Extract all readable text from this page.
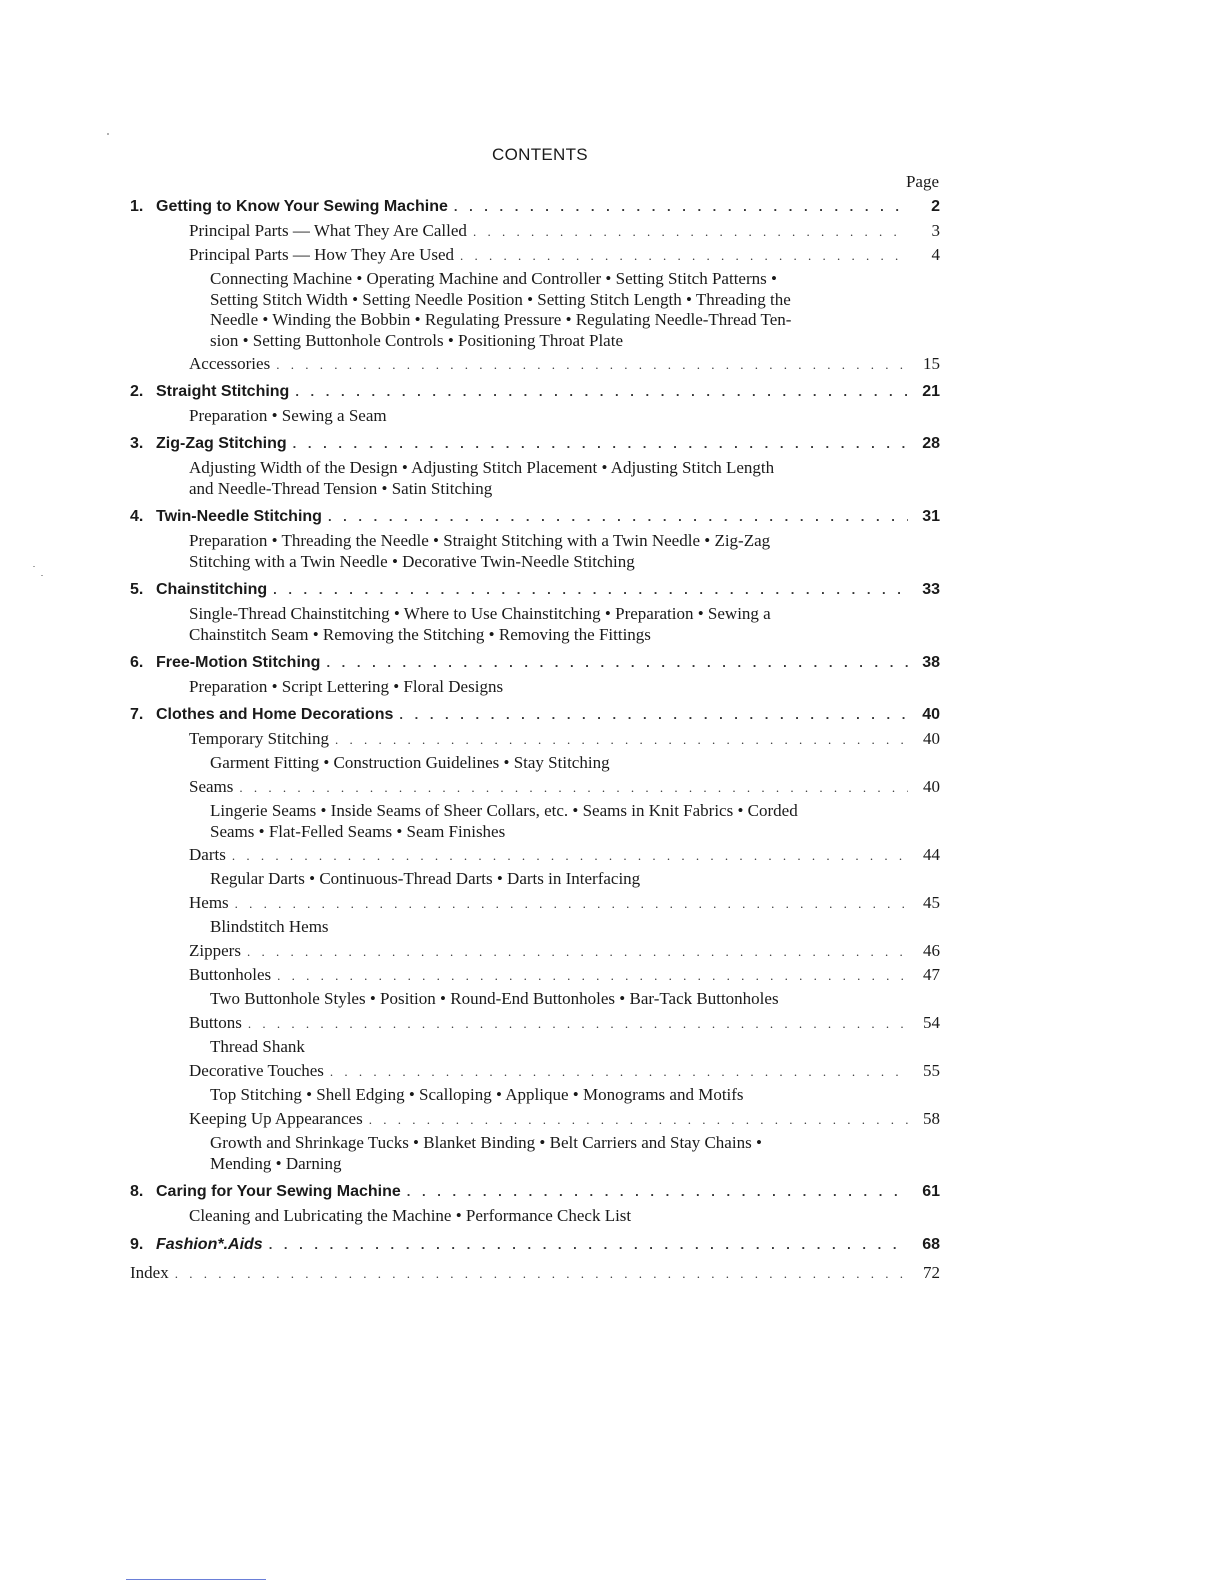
CONTENTS
Page
1. Getting to Know Your Sewing Machine . . .	2
Principal Parts — What They Are Called . . .	3
Principal Parts — How They Are Used . . .	4
Connecting Machine • Operating Machine and Controller • Setting Stitch Patterns •
Setting Stitch Width • Setting Needle Position • Setting Stitch Length • Threading the
Needle • Winding the Bobbin • Regulating Pressure • Regulating Needle-Thread Ten-
sion • Setting Buttonhole Controls • Positioning Throat Plate
Accessories . . .	15
2. Straight Stitching . . .	21
Preparation • Sewing a Seam
3. Zig-Zag Stitching . . .	28
Adjusting Width of the Design • Adjusting Stitch Placement • Adjusting Stitch Length
and Needle-Thread Tension • Satin Stitching
4. Twin-Needle Stitching . . .	31
Preparation • Threading the Needle • Straight Stitching with a Twin Needle • Zig-Zag
Stitching with a Twin Needle • Decorative Twin-Needle Stitching
5. Chainstitching . . .	33
Single-Thread Chainstitching • Where to Use Chainstitching • Preparation • Sewing a
Chainstitch Seam • Removing the Stitching • Removing the Fittings
6. Free-Motion Stitching . . .	38
Preparation • Script Lettering • Floral Designs
7. Clothes and Home Decorations . . .	40
Temporary Stitching . . .	40
Garment Fitting • Construction Guidelines • Stay Stitching
Seams . . .	40
Lingerie Seams • Inside Seams of Sheer Collars, etc. • Seams in Knit Fabrics • Corded
Seams • Flat-Felled Seams • Seam Finishes
Darts . . .	44
Regular Darts • Continuous-Thread Darts • Darts in Interfacing
Hems . . .	45
Blindstitch Hems
Zippers . . .	46
Buttonholes . . .	47
Two Buttonhole Styles • Position • Round-End Buttonholes • Bar-Tack Buttonholes
Buttons . . .	54
Thread Shank
Decorative Touches . . .	55
Top Stitching • Shell Edging • Scalloping • Applique • Monograms and Motifs
Keeping Up Appearances . . .	58
Growth and Shrinkage Tucks • Blanket Binding • Belt Carriers and Stay Chains •
Mending • Darning
8. Caring for Your Sewing Machine . . .	61
Cleaning and Lubricating the Machine • Performance Check List
9. Fashion*.Aids . . .	68
Index . . .	72
